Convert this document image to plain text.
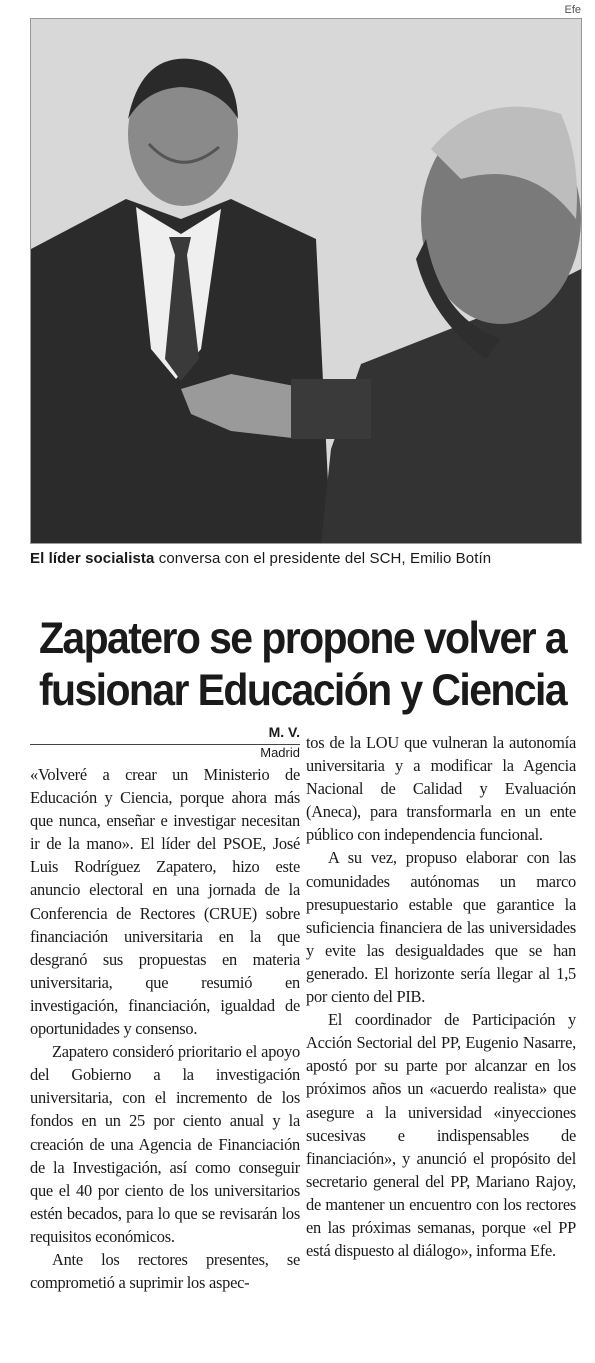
Efe
El líder socialista conversa con el presidente del SCH, Emilio Botín
Zapatero se propone volver a
fusionar Educación y Ciencia
M. V.
Madrid

«Volveré a crear un Ministerio de Educación y Ciencia, porque ahora más que nunca, enseñar e investigar necesitan ir de la mano». El líder del PSOE, José Luis Rodríguez Zapatero, hizo este anuncio electoral en una jornada de la Conferencia de Rectores (CRUE) sobre financiación universitaria en la que desgranó sus propuestas en materia universitaria, que resumió en investigación, financiación, igualdad de oportunidades y consenso.

Zapatero consideró prioritario el apoyo del Gobierno a la investigación universitaria, con el incremento de los fondos en un 25 por ciento anual y la creación de una Agencia de Financiación de la Investigación, así como conseguir que el 40 por ciento de los universitarios estén becados, para lo que se revisarán los requisitos económicos.

Ante los rectores presentes, se comprometió a suprimir los aspec-

tos de la LOU que vulneran la autonomía universitaria y a modificar la Agencia Nacional de Calidad y Evaluación (Aneca), para transformarla en un ente público con independencia funcional.

A su vez, propuso elaborar con las comunidades autónomas un marco presupuestario estable que garantice la suficiencia financiera de las universidades y evite las desigualdades que se han generado. El horizonte sería llegar al 1,5 por ciento del PIB.

El coordinador de Participación y Acción Sectorial del PP, Eugenio Nasarre, apostó por su parte por alcanzar en los próximos años un «acuerdo realista» que asegure a la universidad «inyecciones sucesivas e indispensables de financiación», y anunció el propósito del secretario general del PP, Mariano Rajoy, de mantener un encuentro con los rectores en las próximas semanas, porque «el PP está dispuesto al diálogo», informa Efe.
